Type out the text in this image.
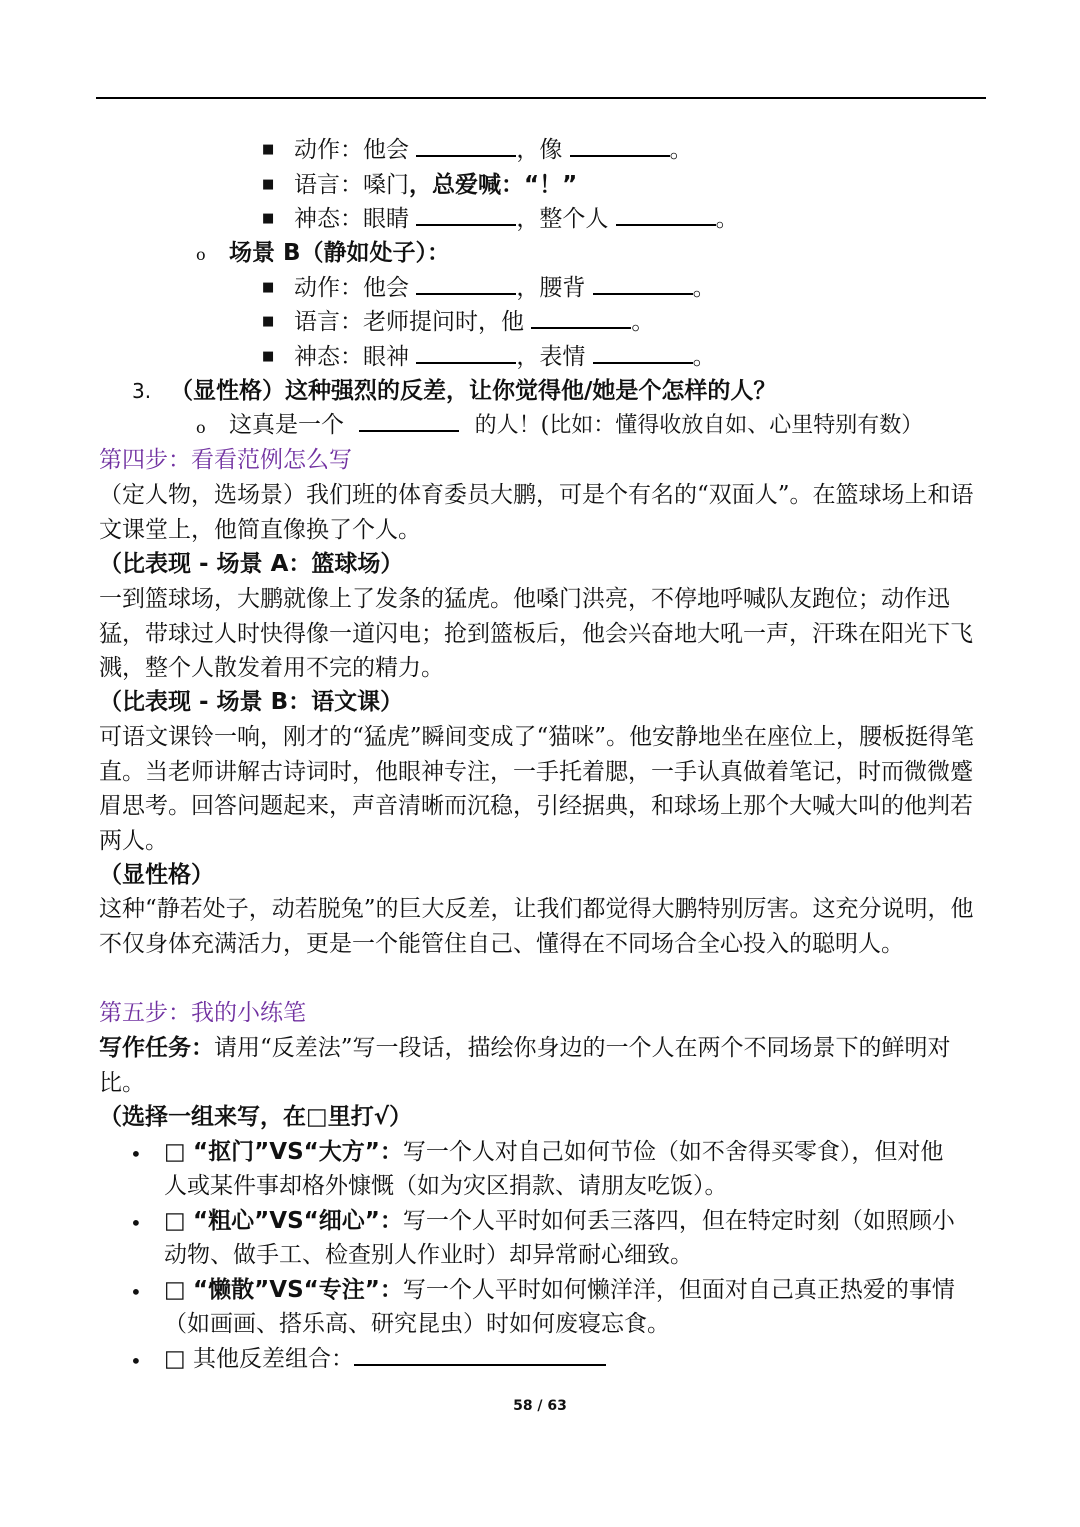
■ 动作：他会	，像	。
■ 语言：嗓门，总爱喊：“！”
■ 神态：眼睛	，整个人	。
o 场景 B（静如处子）：
■ 动作：他会	，腰背	。
■ 语言：老师提问时，他	。
■ 神态：眼神	，表情	。
3. （显性格）这种强烈的反差，让你觉得他/她是个怎样的人？
o 这真是一个	的人！(比如：懂得收放自如、心里特别有数）
第四步：看看范例怎么写
（定人物，选场景）我们班的体育委员大鹏，可是个有名的“双面人”。在篮球场上和语文课堂上，他简直像换了个人。
（比表现 - 场景 A：篮球场）
一到篮球场，大鹏就像上了发条的猛虎。他嗓门洪亮，不停地呼喊队友跑位；动作迅猛，带球过人时快得像一道闪电；抢到篮板后，他会兴奋地大吼一声，汗珠在阳光下飞溅，整个人散发着用不完的精力。
（比表现 - 场景 B：语文课）
可语文课铃一响，刚才的“猛虎”瞬间变成了“猫咪”。他安静地坐在座位上，腰板挺得笔直。当老师讲解古诗词时，他眼神专注，一手托着腮，一手认真做着笔记，时而微微蹙眉思考。回答问题起来，声音清晰而沉稳，引经据典，和球场上那个大喊大叫的他判若两人。
（显性格）
这种“静若处子，动若脱兔”的巨大反差，让我们都觉得大鹏特别厉害。这充分说明，他不仅身体充满活力，更是一个能管住自己、懂得在不同场合全心投入的聪明人。
第五步：我的小练笔
写作任务：请用“反差法”写一段话，描绘你身边的一个人在两个不同场景下的鲜明对比。
（选择一组来写，在□里打√）
• □ “抠门”VS“大方”：写一个人对自己如何节俭（如不舍得买零食），但对他
人或某件事却格外慷慨（如为灾区捐款、请朋友吃饭）。
• □ “粗心”VS“细心”：写一个人平时如何丢三落四，但在特定时刻（如照顾小
动物、做手工、检查别人作业时）却异常耐心细致。
• □ “懒散”VS“专注”：写一个人平时如何懒洋洋，但面对自己真正热爱的事情
（如画画、搭乐高、研究昆虫）时如何废寝忘食。
• □ 其他反差组合：
58 / 63
